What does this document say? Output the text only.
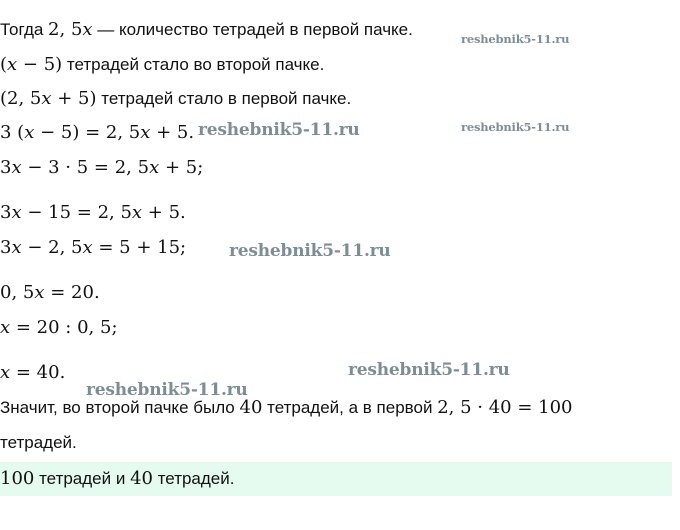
Тогда 2, 5x — количество тетрадей в первой пачке.	reshebnik5-11.ru
(x − 5) тетрадей стало во второй пачке.
(2, 5x + 5) тетрадей стало в первой пачке.
3 (x − 5) = 2, 5x + 5. reshebnik5-11.ru	reshebnik5-11.ru
3x − 3 · 5 = 2, 5x + 5;
3x − 15 = 2, 5x + 5.
3x − 2, 5x = 5 + 15;	reshebnik5-11.ru
0, 5x = 20.
x = 20 : 0, 5;
x = 40.	reshebnik5-11.ru
reshebnik5-11.ru
Значит, во второй пачке было 40 тетрадей, а в первой 2, 5 · 40 = 100
тетрадей.
100 тетрадей и 40 тетрадей.
